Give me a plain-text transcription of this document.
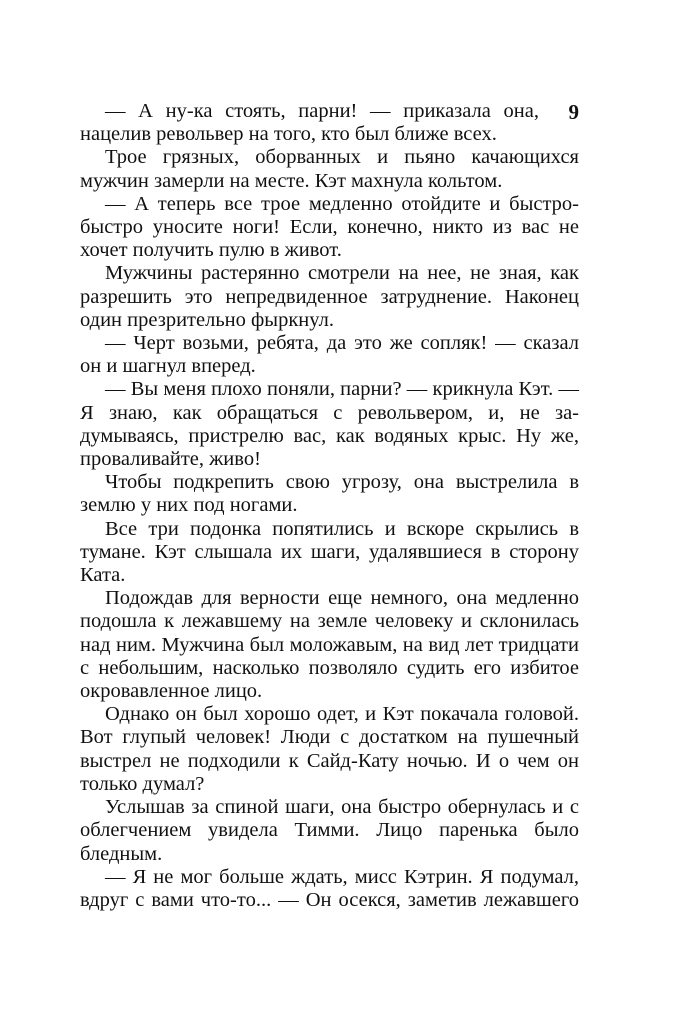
9

— А ну-ка стоять, парни! — приказала она, нацелив револьвер на того, кто был ближе всех.

Трое грязных, оборванных и пьяно качающихся мужчин замерли на месте. Кэт махнула кольтом.

— А теперь все трое медленно отойдите и быстро-быстро уносите ноги! Если, конечно, никто из вас не хочет получить пулю в живот.

Мужчины растерянно смотрели на нее, не зная, как разрешить это непредвиденное затруднение. Наконец один презрительно фыркнул.

— Черт возьми, ребята, да это же сопляк! — сказал он и шагнул вперед.

— Вы меня плохо поняли, парни? — крикнула Кэт. — Я знаю, как обращаться с револьвером, и, не задумываясь, пристрелю вас, как водяных крыс. Ну же, проваливайте, живо!

Чтобы подкрепить свою угрозу, она выстрелила в землю у них под ногами.

Все три подонка попятились и вскоре скрылись в тумане. Кэт слышала их шаги, удалявшиеся в сторону Ката.

Подождав для верности еще немного, она медленно подошла к лежавшему на земле человеку и склонилась над ним. Мужчина был моложавым, на вид лет тридцати с небольшим, насколько позволяло судить его избитое окровавленное лицо.

Однако он был хорошо одет, и Кэт покачала головой. Вот глупый человек! Люди с достатком на пушечный выстрел не подходили к Сайд-Кату ночью. И о чем он только думал?

Услышав за спиной шаги, она быстро обернулась и с облегчением увидела Тимми. Лицо паренька было бледным.

— Я не мог больше ждать, мисс Кэтрин. Я подумал, вдруг с вами что-то... — Он осекся, заметив лежавшего
